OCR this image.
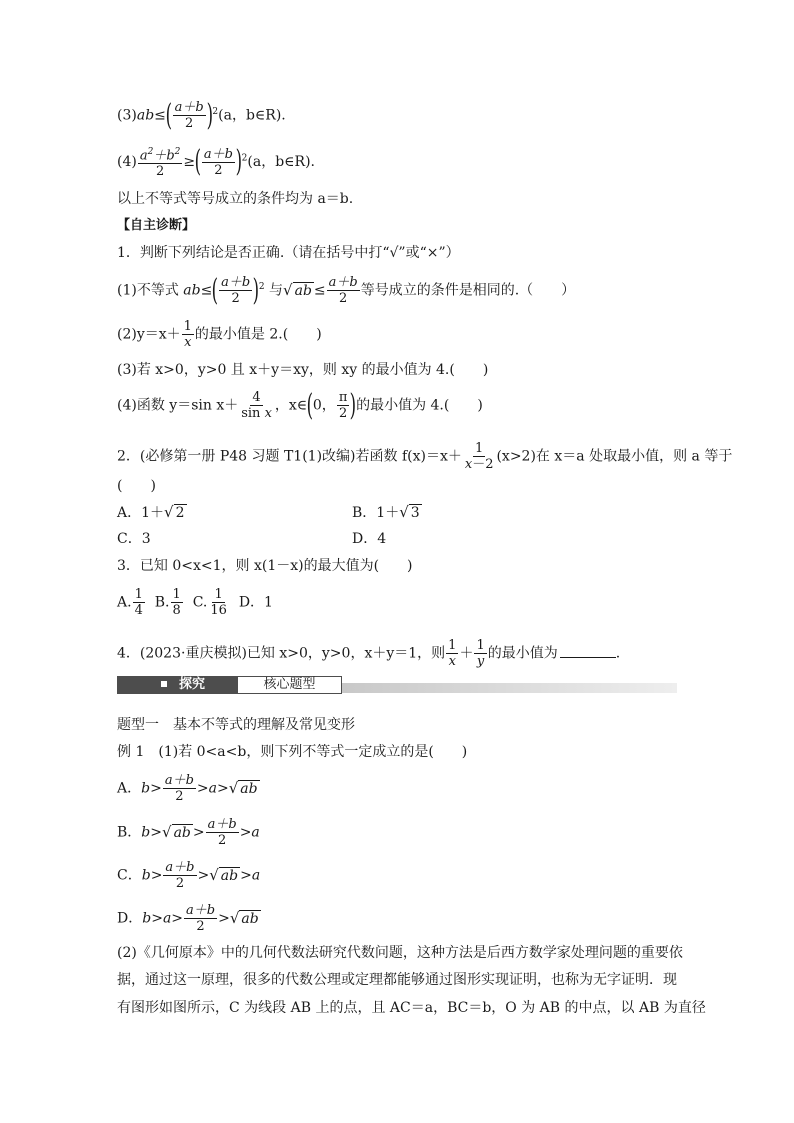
$(3)ab\le( \frac{a+b}{2} )^2(a$，b∈R).
$(4) \frac{a^2+b^2}{2}$ ≥( $\frac{a+b}{2} )^2(a$，b∈R).
以上不等式等号成立的条件均为 a＝b.
【自主诊断】
1．判断下列结论是否正确.（请在括号中打“√”或“×”）
(1)不等式 $ab\le( \frac{a+b}{2} )^2$ 与√ ab ≤ $\frac{a+b}{2}$ 等号成立的条件是相同的.（　　）
$(2)y=x+ \frac{1}{x}$ 的最小值是 2.(　　)
(3)若 x>0，y>0 且 x＋y＝xy，则 xy 的最小值为 4.(　　)
(4)函数 y＝sin $x+ \frac{4}{\text{sin x}}$ ，x∈(0， $\frac{\pi}{2}$ )的最小值为 4.(　　)
2．(必修第一册 P48 习题 T1(1)改编)若函数 $f(x)=x+ \frac{1}{x-2} (x>2)$在 x＝a 处取最小值，则 a 等于
(　　)
A．1＋√ 2	B．1＋√ 3
C．3	D．4
3．已知 0<x<1，则 x(1－x)的最大值为(　　)
A. $\frac{1}{4} B$. $\frac{1}{8} C$. $\frac{1}{16}$ D．1
4．(2023·重庆模拟)已知 x>0，y>0，x＋y＝1，则 $\frac{1}{x} + \frac{1}{y}$ 的最小值为	.
探究	核心题型
题型一　基本不等式的理解及常见变形
例 1　(1)若 0<a<b，则下列不等式一定成立的是(　　)
A．$b> \frac{a+b}{2} >a>√$ ab
B．b>√ ab > $\frac{a+b}{2} >a$
C．$b> \frac{a+b}{2}$ >√ ab >a
D．$b>a> \frac{a+b}{2}$ >√ ab
(2)《几何原本》中的几何代数法研究代数问题，这种方法是后西方数学家处理问题的重要依
据，通过这一原理，很多的代数公理或定理都能够通过图形实现证明，也称为无字证明．现
有图形如图所示，C 为线段 AB 上的点，且 AC＝a，BC＝b，O 为 AB 的中点，以 AB 为直径
